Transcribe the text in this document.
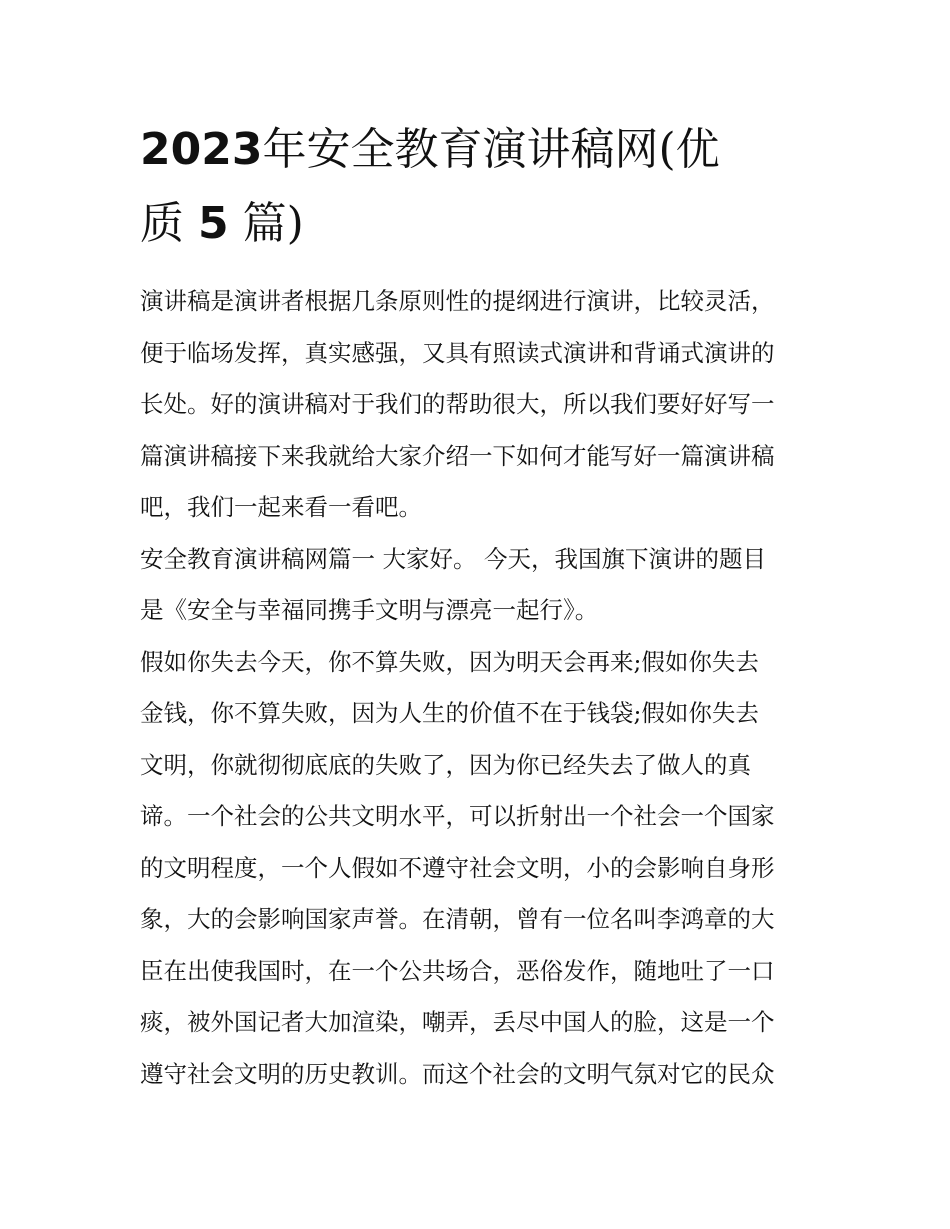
2023年安全教育演讲稿网(优
质 5 篇)
演讲稿是演讲者根据几条原则性的提纲进行演讲，比较灵活，
便于临场发挥，真实感强，又具有照读式演讲和背诵式演讲的
长处。好的演讲稿对于我们的帮助很大，所以我们要好好写一
篇演讲稿接下来我就给大家介绍一下如何才能写好一篇演讲稿
吧，我们一起来看一看吧。
安全教育演讲稿网篇一 大家好。 今天，我国旗下演讲的题目
是《安全与幸福同携手文明与漂亮一起行》。
假如你失去今天，你不算失败，因为明天会再来;假如你失去
金钱，你不算失败，因为人生的价值不在于钱袋;假如你失去
文明，你就彻彻底底的失败了，因为你已经失去了做人的真
谛。一个社会的公共文明水平，可以折射出一个社会一个国家
的文明程度，一个人假如不遵守社会文明，小的会影响自身形
象，大的会影响国家声誉。在清朝，曾有一位名叫李鸿章的大
臣在出使我国时，在一个公共场合，恶俗发作，随地吐了一口
痰，被外国记者大加渲染，嘲弄，丢尽中国人的脸，这是一个
遵守社会文明的历史教训。而这个社会的文明气氛对它的民众
